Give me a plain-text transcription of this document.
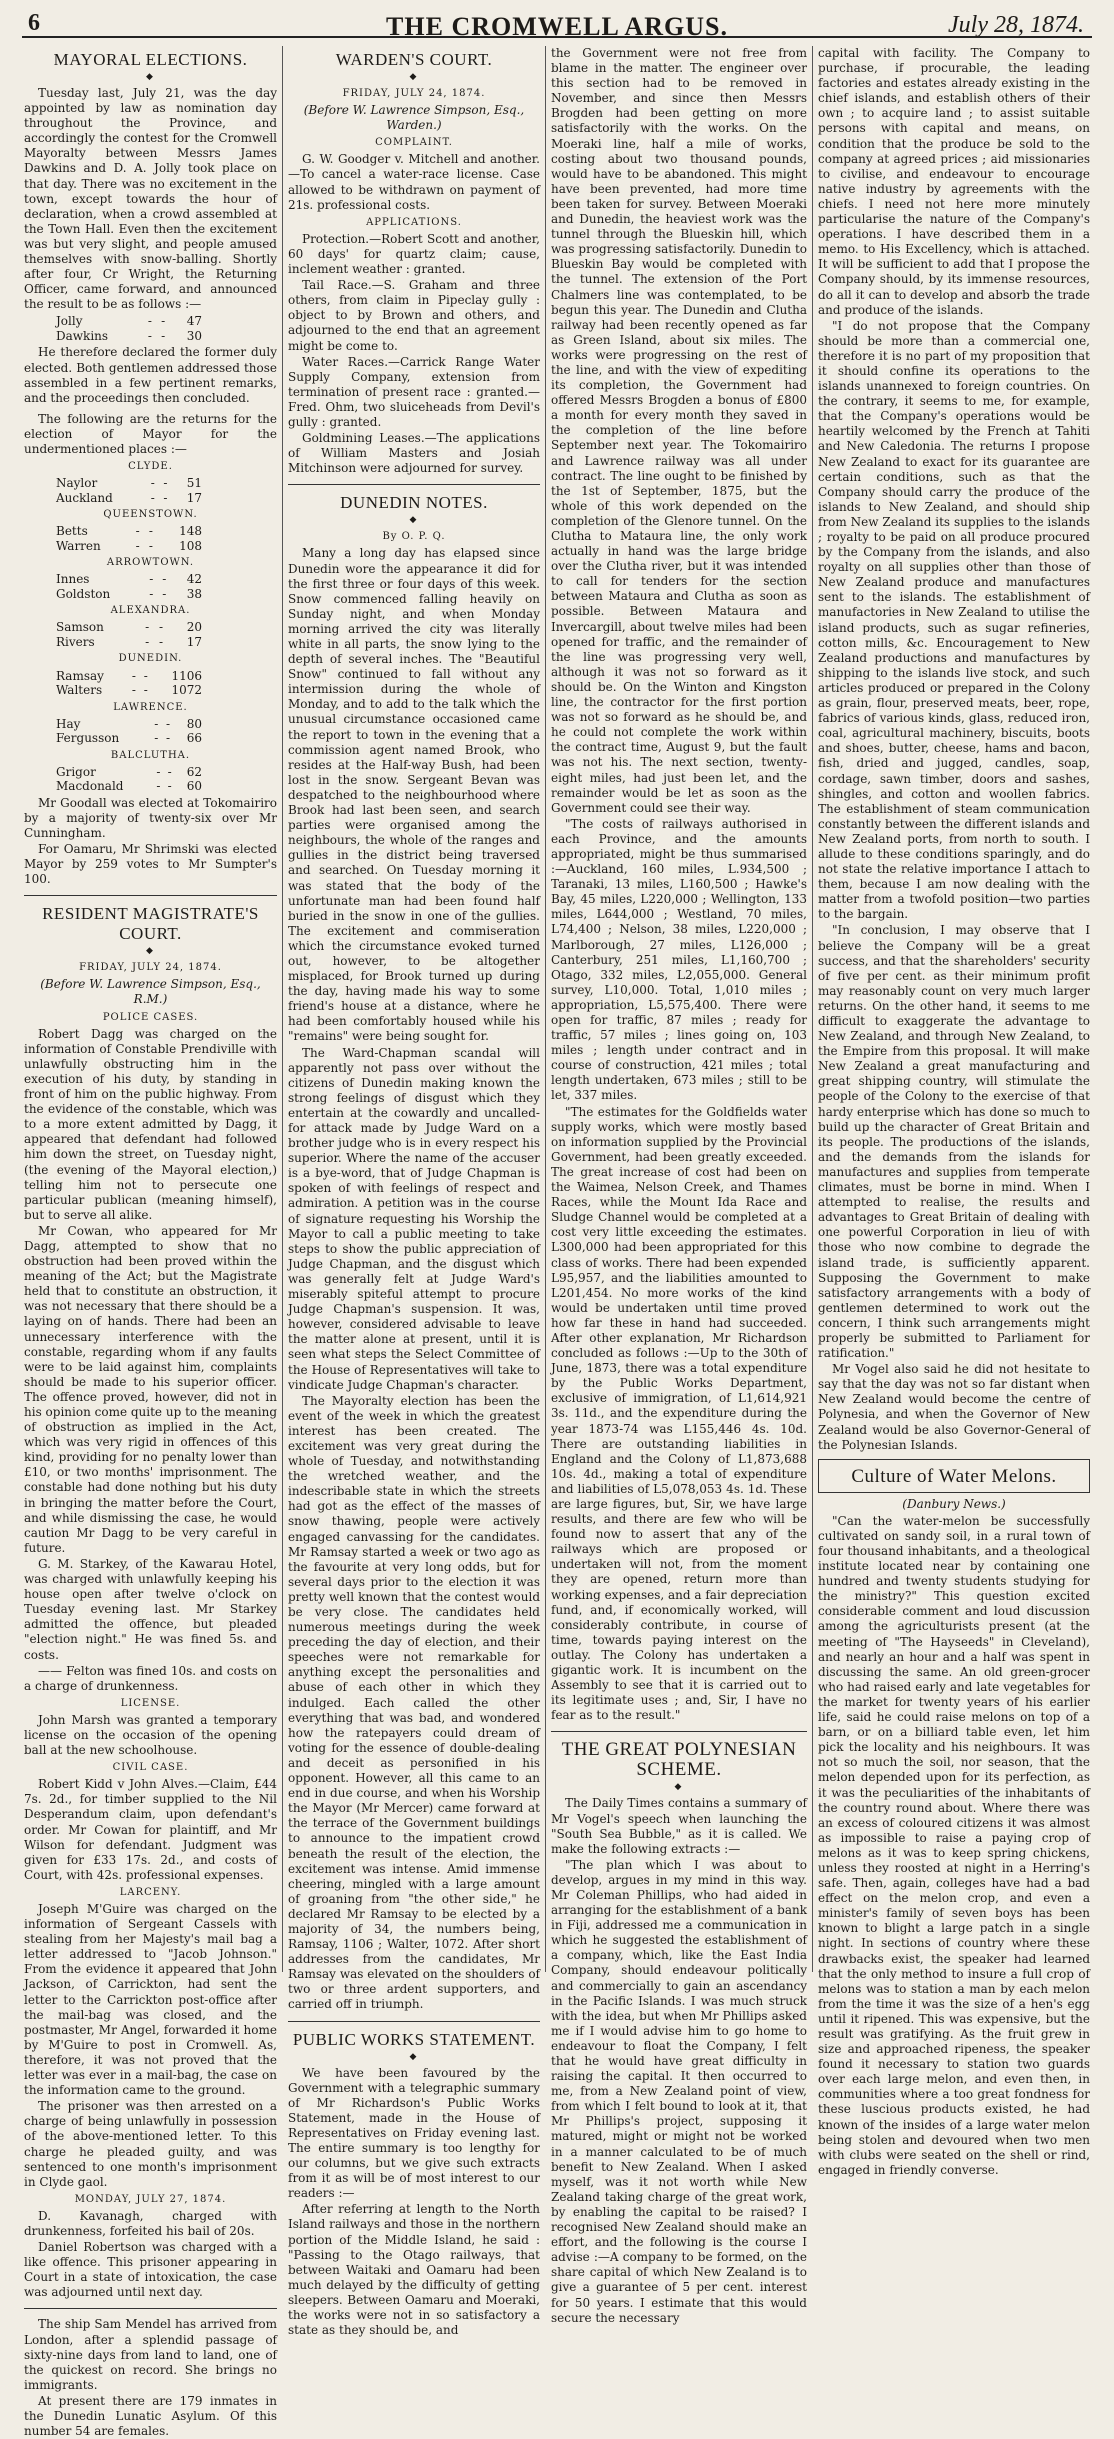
6	THE CROMWELL ARGUS.	July 28, 1874.
MAYORAL ELECTIONS.
◆

Tuesday last, July 21, was the day appointed by law as nomination day throughout the Province, and accordingly the contest for the Cromwell Mayoralty between Messrs James Dawkins and D. A. Jolly took place on that day. There was no excitement in the town, except towards the hour of declaration, when a crowd assembled at the Town Hall. Even then the excitement was but very slight, and people amused themselves with snow-balling. Shortly after four, Cr Wright, the Returning Officer, came forward, and announced the result to be as follows :—

Jolly	-	-	47
Dawkins	-	-	30

He therefore declared the former duly elected. Both gentlemen addressed those assembled in a few pertinent remarks, and the proceedings then concluded.

The following are the returns for the election of Mayor for the undermentioned places :—

CLYDE.

Naylor	-	-	51
Auckland	-	-	17

QUEENSTOWN.

Betts	-	-	148
Warren	-	-	108

ARROWTOWN.

Innes	-	-	42
Goldston	-	-	38

ALEXANDRA.

Samson	-	-	20
Rivers	-	-	17

DUNEDIN.

Ramsay	-	-	1106
Walters	-	-	1072

LAWRENCE.

Hay	-	-	80
Fergusson	-	-	66

BALCLUTHA.

Grigor	-	-	62
Macdonald	-	-	60

Mr Goodall was elected at Tokomairiro by a majority of twenty-six over Mr Cunningham.

For Oamaru, Mr Shrimski was elected Mayor by 259 votes to Mr Sumpter's 100.

RESIDENT MAGISTRATE'S COURT.
◆

FRIDAY, JULY 24, 1874.

(Before W. Lawrence Simpson, Esq., R.M.)

POLICE CASES.

Robert Dagg was charged on the information of Constable Prendiville with unlawfully obstructing him in the execution of his duty, by standing in front of him on the public highway. From the evidence of the constable, which was to a more extent admitted by Dagg, it appeared that defendant had followed him down the street, on Tuesday night, (the evening of the Mayoral election,) telling him not to persecute one particular publican (meaning himself), but to serve all alike.

Mr Cowan, who appeared for Mr Dagg, attempted to show that no obstruction had been proved within the meaning of the Act; but the Magistrate held that to constitute an obstruction, it was not necessary that there should be a laying on of hands. There had been an unnecessary interference with the constable, regarding whom if any faults were to be laid against him, complaints should be made to his superior officer. The offence proved, however, did not in his opinion come quite up to the meaning of obstruction as implied in the Act, which was very rigid in offences of this kind, providing for no penalty lower than £10, or two months' imprisonment. The constable had done nothing but his duty in bringing the matter before the Court, and while dismissing the case, he would caution Mr Dagg to be very careful in future.

G. M. Starkey, of the Kawarau Hotel, was charged with unlawfully keeping his house open after twelve o'clock on Tuesday evening last. Mr Starkey admitted the offence, but pleaded "election night." He was fined 5s. and costs.

—— Felton was fined 10s. and costs on a charge of drunkenness.

LICENSE.

John Marsh was granted a temporary license on the occasion of the opening ball at the new schoolhouse.

CIVIL CASE.

Robert Kidd v John Alves.—Claim, £44 7s. 2d., for timber supplied to the Nil Desperandum claim, upon defendant's order. Mr Cowan for plaintiff, and Mr Wilson for defendant. Judgment was given for £33 17s. 2d., and costs of Court, with 42s. professional expenses.

LARCENY.

Joseph M'Guire was charged on the information of Sergeant Cassels with stealing from her Majesty's mail bag a letter addressed to "Jacob Johnson." From the evidence it appeared that John Jackson, of Carrickton, had sent the letter to the Carrickton post-office after the mail-bag was closed, and the postmaster, Mr Angel, forwarded it home by M'Guire to post in Cromwell. As, therefore, it was not proved that the letter was ever in a mail-bag, the case on the information came to the ground.

The prisoner was then arrested on a charge of being unlawfully in possession of the above-mentioned letter. To this charge he pleaded guilty, and was sentenced to one month's imprisonment in Clyde gaol.

MONDAY, JULY 27, 1874.

D. Kavanagh, charged with drunkenness, forfeited his bail of 20s.

Daniel Robertson was charged with a like offence. This prisoner appearing in Court in a state of intoxication, the case was adjourned until next day.

The ship Sam Mendel has arrived from London, after a splendid passage of sixty-nine days from land to land, one of the quickest on record. She brings no immigrants.

At present there are 179 inmates in the Dunedin Lunatic Asylum. Of this number 54 are females.

WARDEN'S COURT.
◆

FRIDAY, JULY 24, 1874.

(Before W. Lawrence Simpson, Esq., Warden.)

COMPLAINT.

G. W. Goodger v. Mitchell and another.—To cancel a water-race license. Case allowed to be withdrawn on payment of 21s. professional costs.

APPLICATIONS.

Protection.—Robert Scott and another, 60 days' for quartz claim; cause, inclement weather : granted.

Tail Race.—S. Graham and three others, from claim in Pipeclay gully : object to by Brown and others, and adjourned to the end that an agreement might be come to.

Water Races.—Carrick Range Water Supply Company, extension from termination of present race : granted.—Fred. Ohm, two sluiceheads from Devil's gully : granted.

Goldmining Leases.—The applications of William Masters and Josiah Mitchinson were adjourned for survey.

DUNEDIN NOTES.
◆

By O. P. Q.

Many a long day has elapsed since Dunedin wore the appearance it did for the first three or four days of this week. Snow commenced falling heavily on Sunday night, and when Monday morning arrived the city was literally white in all parts, the snow lying to the depth of several inches. The "Beautiful Snow" continued to fall without any intermission during the whole of Monday, and to add to the talk which the unusual circumstance occasioned came the report to town in the evening that a commission agent named Brook, who resides at the Half-way Bush, had been lost in the snow. Sergeant Bevan was despatched to the neighbourhood where Brook had last been seen, and search parties were organised among the neighbours, the whole of the ranges and gullies in the district being traversed and searched. On Tuesday morning it was stated that the body of the unfortunate man had been found half buried in the snow in one of the gullies. The excitement and commiseration which the circumstance evoked turned out, however, to be altogether misplaced, for Brook turned up during the day, having made his way to some friend's house at a distance, where he had been comfortably housed while his "remains" were being sought for.

The Ward-Chapman scandal will apparently not pass over without the citizens of Dunedin making known the strong feelings of disgust which they entertain at the cowardly and uncalled-for attack made by Judge Ward on a brother judge who is in every respect his superior. Where the name of the accuser is a bye-word, that of Judge Chapman is spoken of with feelings of respect and admiration. A petition was in the course of signature requesting his Worship the Mayor to call a public meeting to take steps to show the public appreciation of Judge Chapman, and the disgust which was generally felt at Judge Ward's miserably spiteful attempt to procure Judge Chapman's suspension. It was, however, considered advisable to leave the matter alone at present, until it is seen what steps the Select Committee of the House of Representatives will take to vindicate Judge Chapman's character.

The Mayoralty election has been the event of the week in which the greatest interest has been created. The excitement was very great during the whole of Tuesday, and notwithstanding the wretched weather, and the indescribable state in which the streets had got as the effect of the masses of snow thawing, people were actively engaged canvassing for the candidates. Mr Ramsay started a week or two ago as the favourite at very long odds, but for several days prior to the election it was pretty well known that the contest would be very close. The candidates held numerous meetings during the week preceding the day of election, and their speeches were not remarkable for anything except the personalities and abuse of each other in which they indulged. Each called the other everything that was bad, and wondered how the ratepayers could dream of voting for the essence of double-dealing and deceit as personified in his opponent. However, all this came to an end in due course, and when his Worship the Mayor (Mr Mercer) came forward at the terrace of the Government buildings to announce to the impatient crowd beneath the result of the election, the excitement was intense. Amid immense cheering, mingled with a large amount of groaning from "the other side," he declared Mr Ramsay to be elected by a majority of 34, the numbers being, Ramsay, 1106 ; Walter, 1072. After short addresses from the candidates, Mr Ramsay was elevated on the shoulders of two or three ardent supporters, and carried off in triumph.

PUBLIC WORKS STATEMENT.
◆

We have been favoured by the Government with a telegraphic summary of Mr Richardson's Public Works Statement, made in the House of Representatives on Friday evening last. The entire summary is too lengthy for our columns, but we give such extracts from it as will be of most interest to our readers :—

After referring at length to the North Island railways and those in the northern portion of the Middle Island, he said : "Passing to the Otago railways, that between Waitaki and Oamaru had been much delayed by the difficulty of getting sleepers. Between Oamaru and Moeraki, the works were not in so satisfactory a state as they should be, and

the Government were not free from blame in the matter. The engineer over this section had to be removed in November, and since then Messrs Brogden had been getting on more satisfactorily with the works. On the Moeraki line, half a mile of works, costing about two thousand pounds, would have to be abandoned. This might have been prevented, had more time been taken for survey. Between Moeraki and Dunedin, the heaviest work was the tunnel through the Blueskin hill, which was progressing satisfactorily. Dunedin to Blueskin Bay would be completed with the tunnel. The extension of the Port Chalmers line was contemplated, to be begun this year. The Dunedin and Clutha railway had been recently opened as far as Green Island, about six miles. The works were progressing on the rest of the line, and with the view of expediting its completion, the Government had offered Messrs Brogden a bonus of £800 a month for every month they saved in the completion of the line before September next year. The Tokomairiro and Lawrence railway was all under contract. The line ought to be finished by the 1st of September, 1875, but the whole of this work depended on the completion of the Glenore tunnel. On the Clutha to Mataura line, the only work actually in hand was the large bridge over the Clutha river, but it was intended to call for tenders for the section between Mataura and Clutha as soon as possible. Between Mataura and Invercargill, about twelve miles had been opened for traffic, and the remainder of the line was progressing very well, although it was not so forward as it should be. On the Winton and Kingston line, the contractor for the first portion was not so forward as he should be, and he could not complete the work within the contract time, August 9, but the fault was not his. The next section, twenty-eight miles, had just been let, and the remainder would be let as soon as the Government could see their way.

"The costs of railways authorised in each Province, and the amounts appropriated, might be thus summarised :—Auckland, 160 miles, L.934,500 ; Taranaki, 13 miles, L160,500 ; Hawke's Bay, 45 miles, L220,000 ; Wellington, 133 miles, L644,000 ; Westland, 70 miles, L74,400 ; Nelson, 38 miles, L220,000 ; Marlborough, 27 miles, L126,000 ; Canterbury, 251 miles, L1,160,700 ; Otago, 332 miles, L2,055,000. General survey, L10,000. Total, 1,010 miles ; appropriation, L5,575,400. There were open for traffic, 87 miles ; ready for traffic, 57 miles ; lines going on, 103 miles ; length under contract and in course of construction, 421 miles ; total length undertaken, 673 miles ; still to be let, 337 miles.

"The estimates for the Goldfields water supply works, which were mostly based on information supplied by the Provincial Government, had been greatly exceeded. The great increase of cost had been on the Waimea, Nelson Creek, and Thames Races, while the Mount Ida Race and Sludge Channel would be completed at a cost very little exceeding the estimates. L300,000 had been appropriated for this class of works. There had been expended L95,957, and the liabilities amounted to L201,454. No more works of the kind would be undertaken until time proved how far these in hand had succeeded. After other explanation, Mr Richardson concluded as follows :—Up to the 30th of June, 1873, there was a total expenditure by the Public Works Department, exclusive of immigration, of L1,614,921 3s. 11d., and the expenditure during the year 1873-74 was L155,446 4s. 10d. There are outstanding liabilities in England and the Colony of L1,873,688 10s. 4d., making a total of expenditure and liabilities of L5,078,053 4s. 1d. These are large figures, but, Sir, we have large results, and there are few who will be found now to assert that any of the railways which are proposed or undertaken will not, from the moment they are opened, return more than working expenses, and a fair depreciation fund, and, if economically worked, will considerably contribute, in course of time, towards paying interest on the outlay. The Colony has undertaken a gigantic work. It is incumbent on the Assembly to see that it is carried out to its legitimate uses ; and, Sir, I have no fear as to the result."

THE GREAT POLYNESIAN SCHEME.
◆

The Daily Times contains a summary of Mr Vogel's speech when launching the "South Sea Bubble," as it is called. We make the following extracts :—

"The plan which I was about to develop, argues in my mind in this way. Mr Coleman Phillips, who had aided in arranging for the establishment of a bank in Fiji, addressed me a communication in which he suggested the establishment of a company, which, like the East India Company, should endeavour politically and commercially to gain an ascendancy in the Pacific Islands. I was much struck with the idea, but when Mr Phillips asked me if I would advise him to go home to endeavour to float the Company, I felt that he would have great difficulty in raising the capital. It then occurred to me, from a New Zealand point of view, from which I felt bound to look at it, that Mr Phillips's project, supposing it matured, might or might not be worked in a manner calculated to be of much benefit to New Zealand. When I asked myself, was it not worth while New Zealand taking charge of the great work, by enabling the capital to be raised? I recognised New Zealand should make an effort, and the following is the course I advise :—A company to be formed, on the share capital of which New Zealand is to give a guarantee of 5 per cent. interest for 50 years. I estimate that this would secure the necessary

capital with facility. The Company to purchase, if procurable, the leading factories and estates already existing in the chief islands, and establish others of their own ; to acquire land ; to assist suitable persons with capital and means, on condition that the produce be sold to the company at agreed prices ; aid missionaries to civilise, and endeavour to encourage native industry by agreements with the chiefs. I need not here more minutely particularise the nature of the Company's operations. I have described them in a memo. to His Excellency, which is attached. It will be sufficient to add that I propose the Company should, by its immense resources, do all it can to develop and absorb the trade and produce of the islands.

"I do not propose that the Company should be more than a commercial one, therefore it is no part of my proposition that it should confine its operations to the islands unannexed to foreign countries. On the contrary, it seems to me, for example, that the Company's operations would be heartily welcomed by the French at Tahiti and New Caledonia. The returns I propose New Zealand to exact for its guarantee are certain conditions, such as that the Company should carry the produce of the islands to New Zealand, and should ship from New Zealand its supplies to the islands ; royalty to be paid on all produce procured by the Company from the islands, and also royalty on all supplies other than those of New Zealand produce and manufactures sent to the islands. The establishment of manufactories in New Zealand to utilise the island products, such as sugar refineries, cotton mills, &c. Encouragement to New Zealand productions and manufactures by shipping to the islands live stock, and such articles produced or prepared in the Colony as grain, flour, preserved meats, beer, rope, fabrics of various kinds, glass, reduced iron, coal, agricultural machinery, biscuits, boots and shoes, butter, cheese, hams and bacon, fish, dried and jugged, candles, soap, cordage, sawn timber, doors and sashes, shingles, and cotton and woollen fabrics. The establishment of steam communication constantly between the different islands and New Zealand ports, from north to south. I allude to these conditions sparingly, and do not state the relative importance I attach to them, because I am now dealing with the matter from a twofold position—two parties to the bargain.

"In conclusion, I may observe that I believe the Company will be a great success, and that the shareholders' security of five per cent. as their minimum profit may reasonably count on very much larger returns. On the other hand, it seems to me difficult to exaggerate the advantage to New Zealand, and through New Zealand, to the Empire from this proposal. It will make New Zealand a great manufacturing and great shipping country, will stimulate the people of the Colony to the exercise of that hardy enterprise which has done so much to build up the character of Great Britain and its people. The productions of the islands, and the demands from the islands for manufactures and supplies from temperate climates, must be borne in mind. When I attempted to realise, the results and advantages to Great Britain of dealing with one powerful Corporation in lieu of with those who now combine to degrade the island trade, is sufficiently apparent. Supposing the Government to make satisfactory arrangements with a body of gentlemen determined to work out the concern, I think such arrangements might properly be submitted to Parliament for ratification."

Mr Vogel also said he did not hesitate to say that the day was not so far distant when New Zealand would become the centre of Polynesia, and when the Governor of New Zealand would be also Governor-General of the Polynesian Islands.

Culture of Water Melons.

(Danbury News.)

"Can the water-melon be successfully cultivated on sandy soil, in a rural town of four thousand inhabitants, and a theological institute located near by containing one hundred and twenty students studying for the ministry?" This question excited considerable comment and loud discussion among the agriculturists present (at the meeting of "The Hayseeds" in Cleveland), and nearly an hour and a half was spent in discussing the same. An old green-grocer who had raised early and late vegetables for the market for twenty years of his earlier life, said he could raise melons on top of a barn, or on a billiard table even, let him pick the locality and his neighbours. It was not so much the soil, nor season, that the melon depended upon for its perfection, as it was the peculiarities of the inhabitants of the country round about. Where there was an excess of coloured citizens it was almost as impossible to raise a paying crop of melons as it was to keep spring chickens, unless they roosted at night in a Herring's safe. Then, again, colleges have had a bad effect on the melon crop, and even a minister's family of seven boys has been known to blight a large patch in a single night. In sections of country where these drawbacks exist, the speaker had learned that the only method to insure a full crop of melons was to station a man by each melon from the time it was the size of a hen's egg until it ripened. This was expensive, but the result was gratifying. As the fruit grew in size and approached ripeness, the speaker found it necessary to station two guards over each large melon, and even then, in communities where a too great fondness for these luscious products existed, he had known of the insides of a large water melon being stolen and devoured when two men with clubs were seated on the shell or rind, engaged in friendly converse.
